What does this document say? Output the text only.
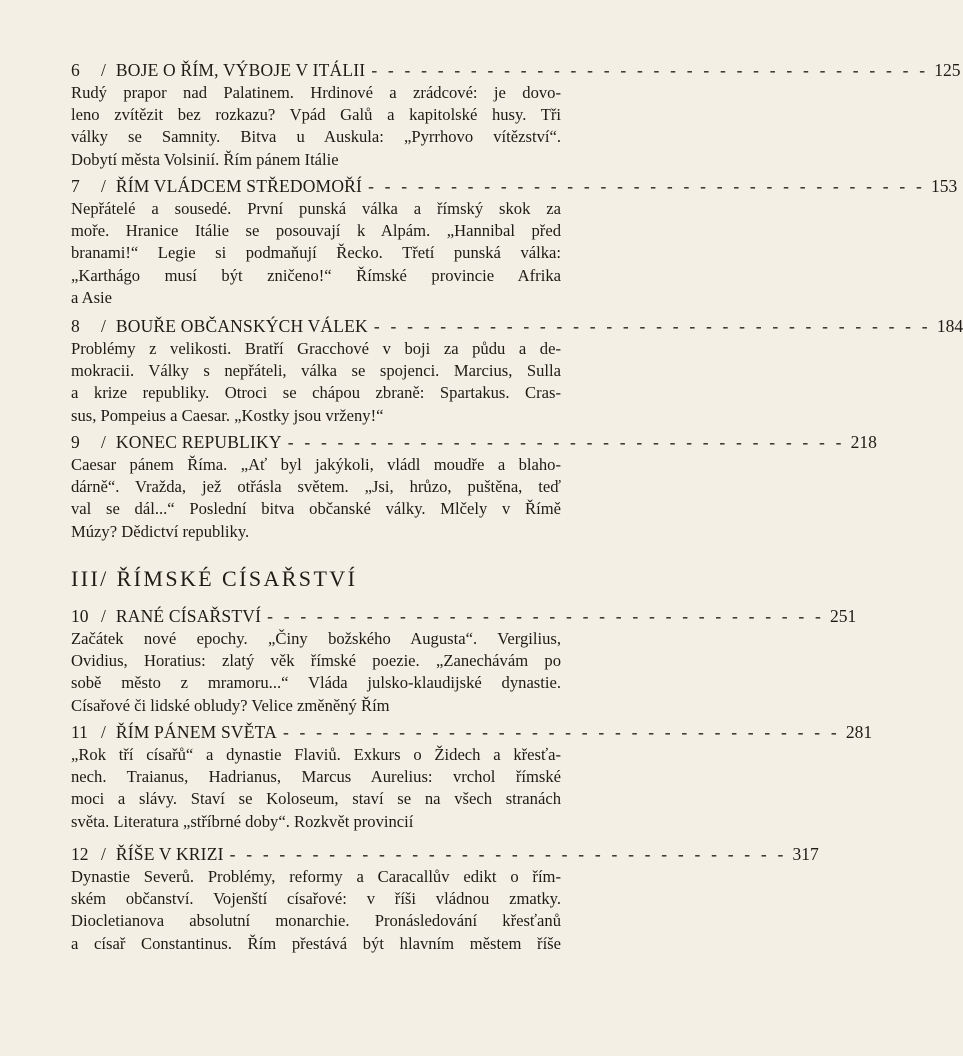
6	/ BOJE O ŘÍM, VÝBOJE V ITÁLII - - - - - - - - - - - - - - - - - - - - - - - - - - - - - - - - - - 125
Rudý prapor nad Palatinem. Hrdinové a zrádcové: je dovo-
leno zvítězit bez rozkazu? Vpád Galů a kapitolské husy. Tři
války se Samnity. Bitva u Auskula: „Pyrrhovo vítězství“.
Dobytí města Volsinií. Řím pánem Itálie
7	/ ŘÍM VLÁDCEM STŘEDOMOŘÍ - - - - - - - - - - - - - - - - - - - - - - - - - - - - - - - - - - 153
Nepřátelé a sousedé. První punská válka a římský skok za
moře. Hranice Itálie se posouvají k Alpám. „Hannibal před
branami!“ Legie si podmaňují Řecko. Třetí punská válka:
„Karthágo musí být zničeno!“ Římské provincie Afrika
a Asie
8	/ BOUŘE OBČANSKÝCH VÁLEK - - - - - - - - - - - - - - - - - - - - - - - - - - - - - - - - - - 184
Problémy z velikosti. Bratří Gracchové v boji za půdu a de-
mokracii. Války s nepřáteli, válka se spojenci. Marcius, Sulla
a krize republiky. Otroci se chápou zbraně: Spartakus. Cras-
sus, Pompeius a Caesar. „Kostky jsou vrženy!“
9	/ KONEC REPUBLIKY - - - - - - - - - - - - - - - - - - - - - - - - - - - - - - - - - - 218
Caesar pánem Říma. „Ať byl jakýkoli, vládl moudře a blaho-
dárně“. Vražda, jež otřásla světem. „Jsi, hrůzo, puštěna, teď
val se dál...“ Poslední bitva občanské války. Mlčely v Římě
Múzy? Dědictví republiky.
III/ ŘÍMSKÉ CÍSAŘSTVÍ
10 / RANÉ CÍSAŘSTVÍ - - - - - - - - - - - - - - - - - - - - - - - - - - - - - - - - - - 251
Začátek nové epochy. „Činy božského Augusta“. Vergilius,
Ovidius, Horatius: zlatý věk římské poezie. „Zanechávám po
sobě město z mramoru...“ Vláda julsko-klaudijské dynastie.
Císařové či lidské obludy? Velice změněný Řím
11 / ŘÍM PÁNEM SVĚTA - - - - - - - - - - - - - - - - - - - - - - - - - - - - - - - - - - 281
„Rok tří císařů“ a dynastie Flaviů. Exkurs o Židech a křesťa-
nech. Traianus, Hadrianus, Marcus Aurelius: vrchol římské
moci a slávy. Staví se Koloseum, staví se na všech stranách
světa. Literatura „stříbrné doby“. Rozkvět provincií
12 / ŘÍŠE V KRIZI - - - - - - - - - - - - - - - - - - - - - - - - - - - - - - - - - - 317
Dynastie Severů. Problémy, reformy a Caracallův edikt o řím-
ském občanství. Vojenští císařové: v říši vládnou zmatky.
Diocletianova absolutní monarchie. Pronásledování křesťanů
a císař Constantinus. Řím přestává být hlavním městem říše
